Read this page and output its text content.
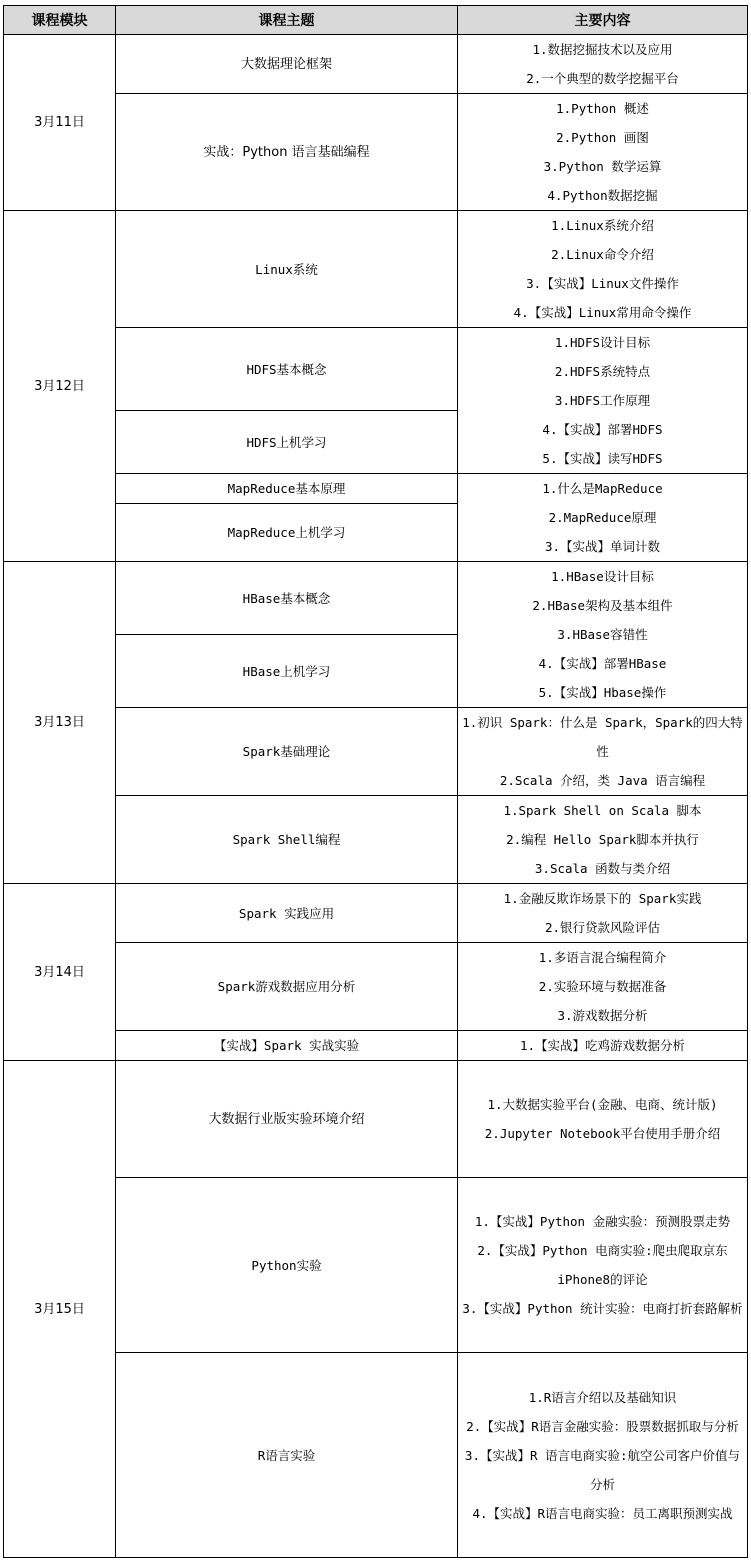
课程模块	课程主题	主要内容
3月11日	大数据理论框架	1.数据挖掘技术以及应用
2.一个典型的数学挖掘平台

	实战：Python 语言基础编程	1.Python 概述
2.Python 画图
3.Python 数学运算
4.Python数据挖掘

3月12日	Linux系统	1.Linux系统介绍
2.Linux命令介绍
3.【实战】Linux文件操作
4.【实战】Linux常用命令操作

	HDFS基本概念	1.HDFS设计目标
2.HDFS系统特点
3.HDFS工作原理
4.【实战】部署HDFS
5.【实战】读写HDFS

	HDFS上机学习	
	MapReduce基本原理	1.什么是MapReduce
2.MapReduce原理
3.【实战】单词计数

	MapReduce上机学习	
3月13日	HBase基本概念	1.HBase设计目标
2.HBase架构及基本组件
3.HBase容错性
4.【实战】部署HBase
5.【实战】Hbase操作

	HBase上机学习	
	Spark基础理论	1.初识 Spark：什么是 Spark，Spark的四大特性
2.Scala 介绍，类 Java 语言编程

	Spark Shell编程	1.Spark Shell on Scala 脚本
2.编程 Hello Spark脚本并执行
3.Scala 函数与类介绍

3月14日	Spark 实践应用	1.金融反欺诈场景下的 Spark实践
2.银行贷款风险评估

	Spark游戏数据应用分析	1.多语言混合编程简介
2.实验环境与数据准备
3.游戏数据分析

	【实战】Spark 实战实验	1.【实战】吃鸡游戏数据分析

3月15日	大数据行业版实验环境介绍	1.大数据实验平台(金融、电商、统计版)
2.Jupyter Notebook平台使用手册介绍

	Python实验	1.【实战】Python 金融实验：预测股票走势
2.【实战】Python 电商实验:爬虫爬取京东iPhone8的评论
3.【实战】Python 统计实验：电商打折套路解析

	R语言实验	1.R语言介绍以及基础知识
2.【实战】R语言金融实验：股票数据抓取与分析
3.【实战】R 语言电商实验:航空公司客户价值与分析
4.【实战】R语言电商实验：员工离职预测实战
